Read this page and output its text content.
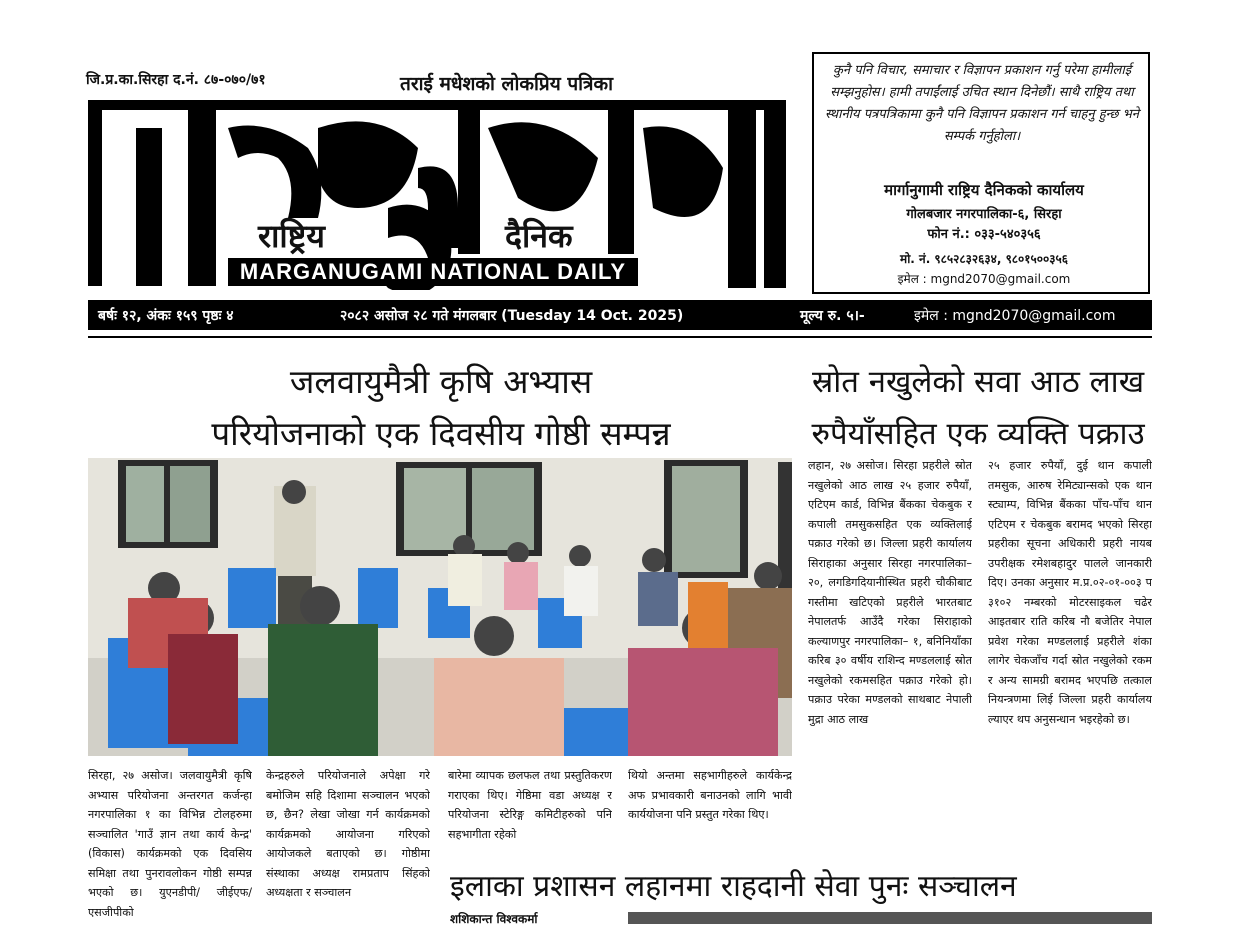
जि.प्र.का.सिरहा द.नं. ८७-०७०/७१	तराई मधेशको लोकप्रिय पत्रिका
राष्ट्रिय	दैनिक
MARGANUGAMI NATIONAL DAILY
कुनै पनि विचार, समाचार र विज्ञापन प्रकाशन गर्नु परेमा हामीलाई सम्झनुहोस। हामी तपाईंलाई उचित स्थान दिनेछौं। साथै राष्ट्रिय तथा स्थानीय पत्रपत्रिकामा कुनै पनि विज्ञापन प्रकाशन गर्न चाहनु हुन्छ भने सम्पर्क गर्नुहोला।
मार्गानुगामी राष्ट्रिय दैनिकको कार्यालय
गोलबजार नगरपालिका-६, सिरहा
फोन नं.: ०३३-५४०३५६
मो. नं. ९८५२८३२६३४, ९८०१५००३५६
इमेल : mgnd2070@gmail.com
बर्षः १२, अंकः १५९ पृष्ठः ४	२०८२ असोज २८ गते मंगलबार (Tuesday 14 Oct. 2025)	मूल्य रु. ५।-	इमेल : mgnd2070@gmail.com
जलवायुमैत्री कृषि अभ्यास
परियोजनाको एक दिवसीय गोष्ठी सम्पन्न
सिरहा, २७ असोज। जलवायुमैत्री कृषि अभ्यास परियोजना अन्तरगत कर्जन्हा नगरपालिका १ का विभिन्न टोलहरुमा सञ्चालित 'गाउँ ज्ञान तथा कार्य केन्द्र' (विकास) कार्यक्रमको एक दिवसिय समिक्षा तथा पुनरावलोकन गोष्ठी सम्पन्न भएको छ। युएनडीपी/ जीईएफ/एसजीपीको
केन्द्रहरुले परियोजनाले अपेक्षा गरे बमोजिम सहि दिशामा सञ्चालन भएको छ, छैन? लेखा जोखा गर्न कार्यक्रमको कार्यक्रमको आयोजना गरिएको आयोजकले बताएको छ। गोष्ठीमा संस्थाका अध्यक्ष रामप्रताप सिंहको अध्यक्षता र सञ्चालन
बारेमा व्यापक छलफल तथा प्रस्तुतिकरण गराएका थिए। गेष्ठिमा वडा अध्यक्ष र परियोजना स्टेरिङ्ग कमिटीहरुको पनि सहभागीता रहेको
थियो अन्तमा सहभागीहरुले कार्यकेन्द्र अफ प्रभावकारी बनाउनको लागि भावी कार्ययोजना पनि प्रस्तुत गरेका थिए।
स्रोत नखुलेको सवा आठ लाख
रुपैयाँसहित एक व्यक्ति पक्राउ
लहान, २७ असोज। सिरहा प्रहरीले स्रोत नखुलेको आठ लाख २५ हजार रुपैयाँ, एटिएम कार्ड, विभिन्न बैंकका चेकबुक र कपाली तमसुकसहित एक व्यक्तिलाई पक्राउ गरेको छ। जिल्ला प्रहरी कार्यालय सिराहाका अनुसार सिरहा नगरपालिका– २०, लगडिगदियानीस्थित प्रहरी चौकीबाट गस्तीमा खटिएको प्रहरीले भारतबाट नेपालतर्फ आउँदै गरेका सिराहाको कल्याणपुर नगरपालिका– १, बनिनियाँका करिब ३० वर्षीय राशिन्द मण्डललाई स्रोत नखुलेको रकमसहित पक्राउ गरेको हो। पक्राउ परेका मण्डलको साथबाट नेपाली मुद्रा आठ लाख
२५ हजार रुपैयाँ, दुई थान कपाली तमसुक, आरुष रेमिट्यान्सको एक थान स्ट्याम्प, विभिन्न बैंकका पाँच-पाँच थान एटिएम र चेकबुक बरामद भएको सिरहा प्रहरीका सूचना अधिकारी प्रहरी नायब उपरीक्षक रमेशबहादुर पालले जानकारी दिए। उनका अनुसार म.प्र.०२-०१-००३ प ३१०२ नम्बरको मोटरसाइकल चढेर आइतबार राति करिब नौ बजेतिर नेपाल प्रवेश गरेका मण्डललाई प्रहरीले शंका लागेर चेकजाँच गर्दा स्रोत नखुलेको रकम र अन्य सामग्री बरामद भएपछि तत्काल नियन्त्रणमा लिई जिल्ला प्रहरी कार्यालय ल्याएर थप अनुसन्धान भइरहेको छ।
इलाका प्रशासन लहानमा राहदानी सेवा पुनः सञ्चालन
शशिकान्त विश्वकर्मा
